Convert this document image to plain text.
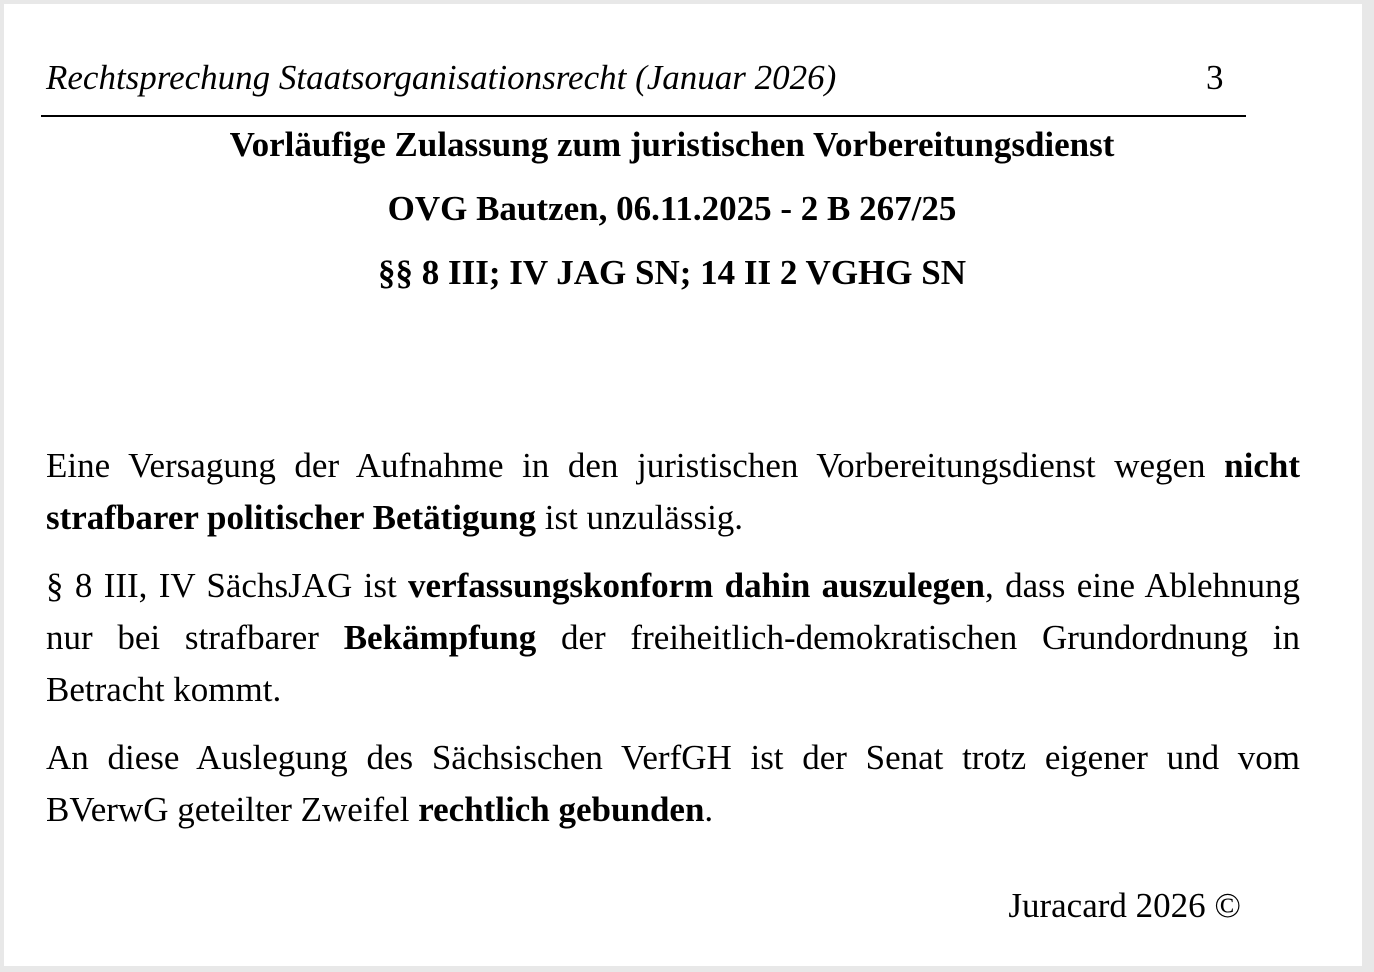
Rechtsprechung Staatsorganisationsrecht (Januar 2026)	3
Vorläufige Zulassung zum juristischen Vorbereitungsdienst
OVG Bautzen, 06.11.2025 - 2 B 267/25
§§ 8 III; IV JAG SN; 14 II 2 VGHG SN

Eine Versagung der Aufnahme in den juristischen Vorbereitungsdienst wegen nicht strafbarer politischer Betätigung ist unzulässig.

§ 8 III, IV SächsJAG ist verfassungskonform dahin auszulegen, dass eine Ablehnung nur bei strafbarer Bekämpfung der freiheitlich-demokratischen Grundordnung in Betracht kommt.

An diese Auslegung des Sächsischen VerfGH ist der Senat trotz eigener und vom BVerwG geteilter Zweifel rechtlich gebunden.

Juracard 2026 ©
